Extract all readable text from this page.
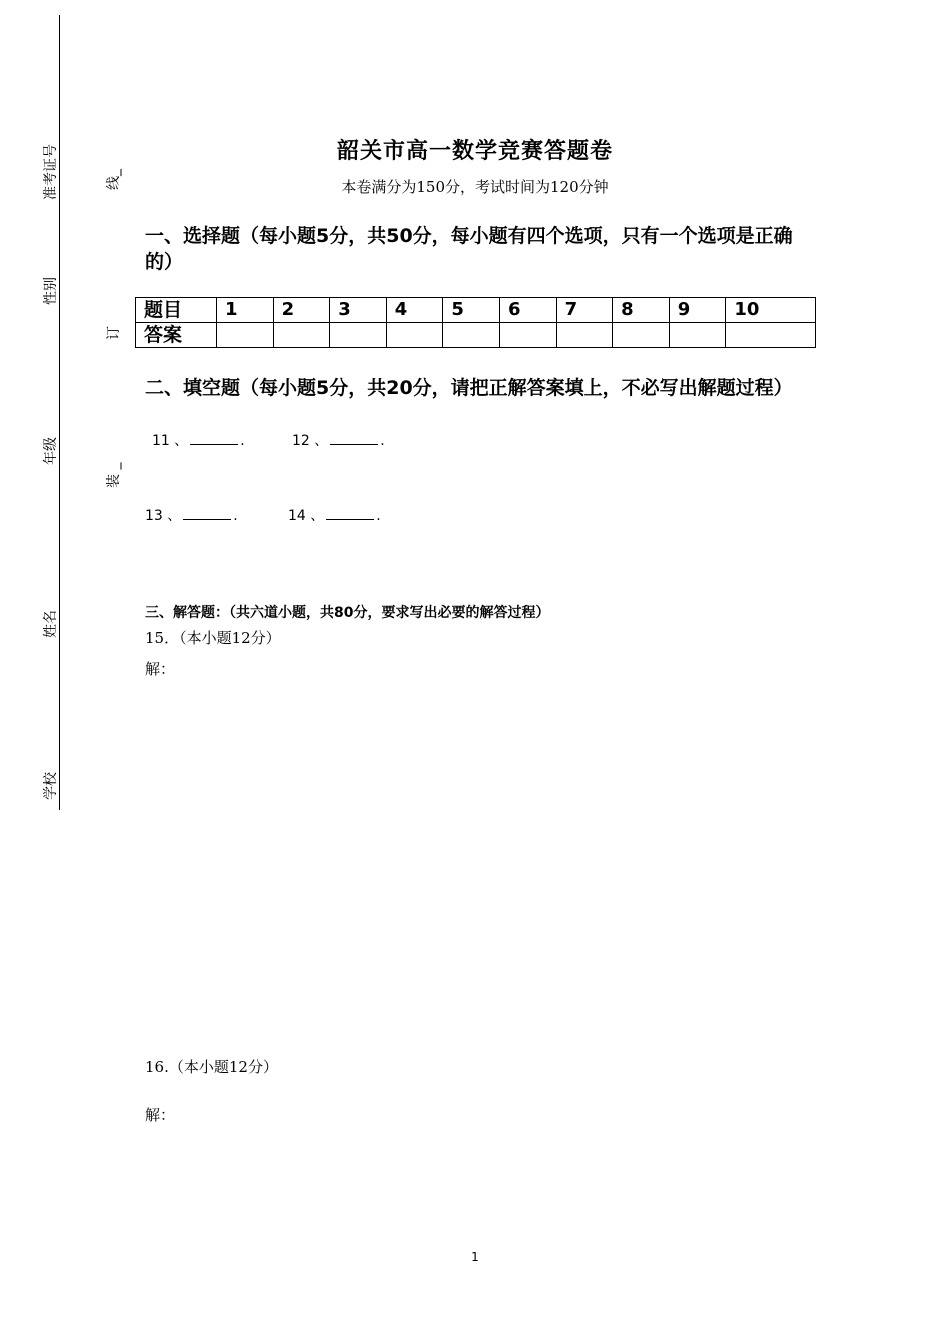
准考证号
性别
年级
姓名
学校
线_
订
装 _
韶关市高一数学竞赛答题卷
本卷满分为150分，考试时间为120分钟
一、选择题（每小题5分，共50分，每小题有四个选项，只有一个选项是正确的）
题目	1	2	3	4	5	6	7	8	9	10
答案										
二、填空题（每小题5分，共20分，请把正解答案填上，不必写出解题过程）
11 、	.	12 、	.
13 、	.	14 、	.
三、解答题：（共六道小题，共80分，要求写出必要的解答过程）
15．（本小题12分）
解：
16.（本小题12分）
解：
1
